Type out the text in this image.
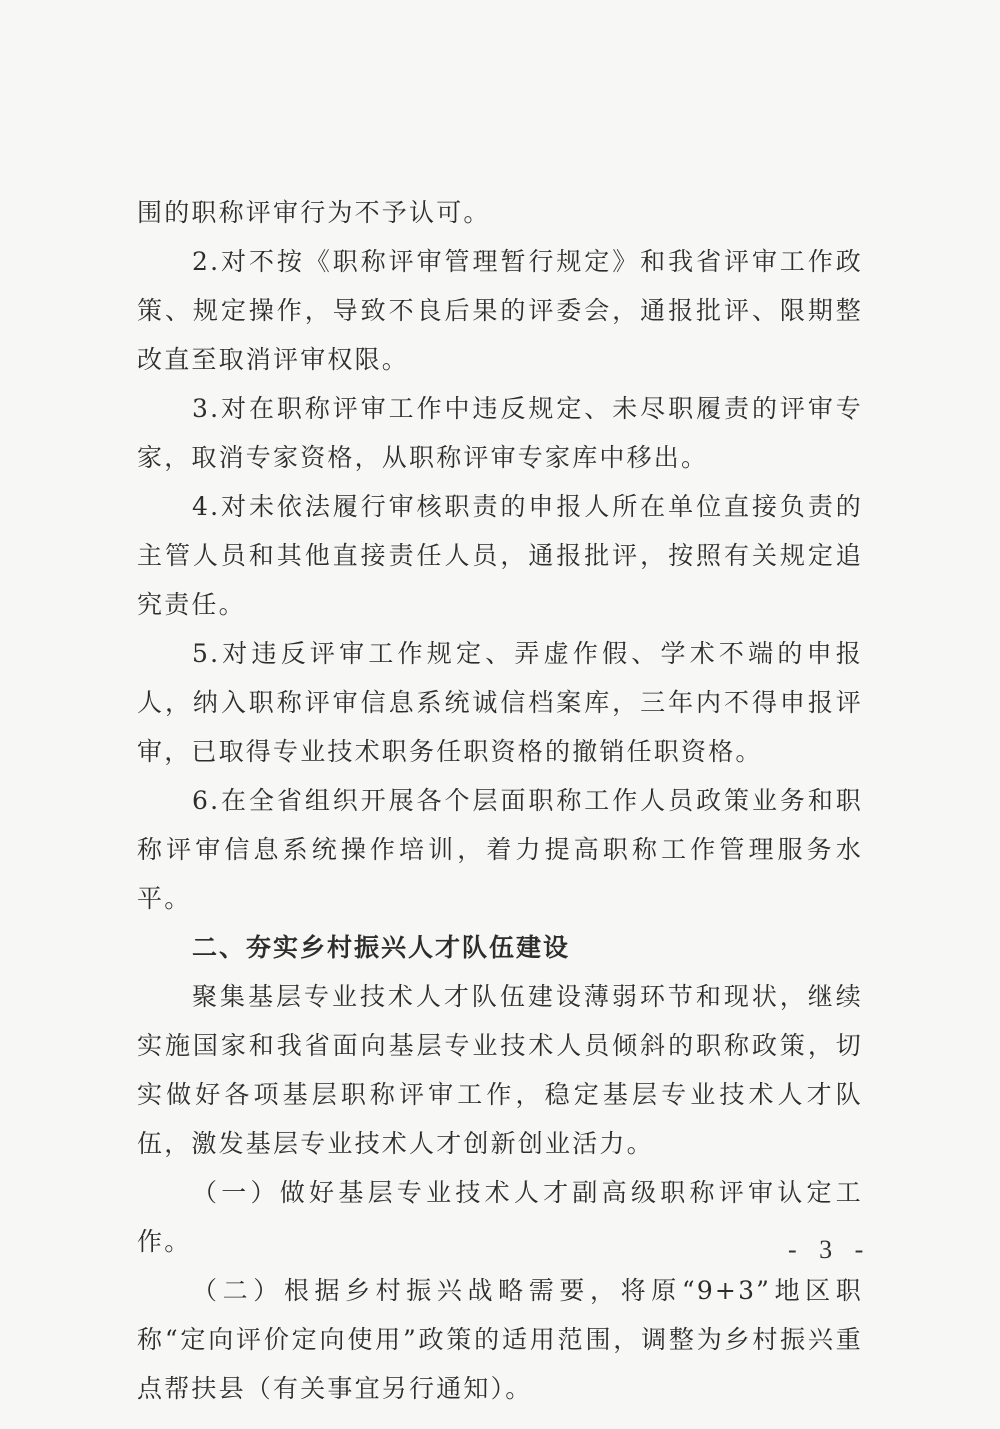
围的职称评审行为不予认可。

2.对不按《职称评审管理暂行规定》和我省评审工作政策、规定操作，导致不良后果的评委会，通报批评、限期整改直至取消评审权限。

3.对在职称评审工作中违反规定、未尽职履责的评审专家，取消专家资格，从职称评审专家库中移出。

4.对未依法履行审核职责的申报人所在单位直接负责的主管人员和其他直接责任人员，通报批评，按照有关规定追究责任。

5.对违反评审工作规定、弄虚作假、学术不端的申报人，纳入职称评审信息系统诚信档案库，三年内不得申报评审，已取得专业技术职务任职资格的撤销任职资格。

6.在全省组织开展各个层面职称工作人员政策业务和职称评审信息系统操作培训，着力提高职称工作管理服务水平。

二、夯实乡村振兴人才队伍建设

聚集基层专业技术人才队伍建设薄弱环节和现状，继续实施国家和我省面向基层专业技术人员倾斜的职称政策，切实做好各项基层职称评审工作，稳定基层专业技术人才队伍，激发基层专业技术人才创新创业活力。

（一）做好基层专业技术人才副高级职称评审认定工作。

（二）根据乡村振兴战略需要，将原“9+3”地区职称“定向评价定向使用”政策的适用范围，调整为乡村振兴重点帮扶县（有关事宜另行通知）。

- 3 -
